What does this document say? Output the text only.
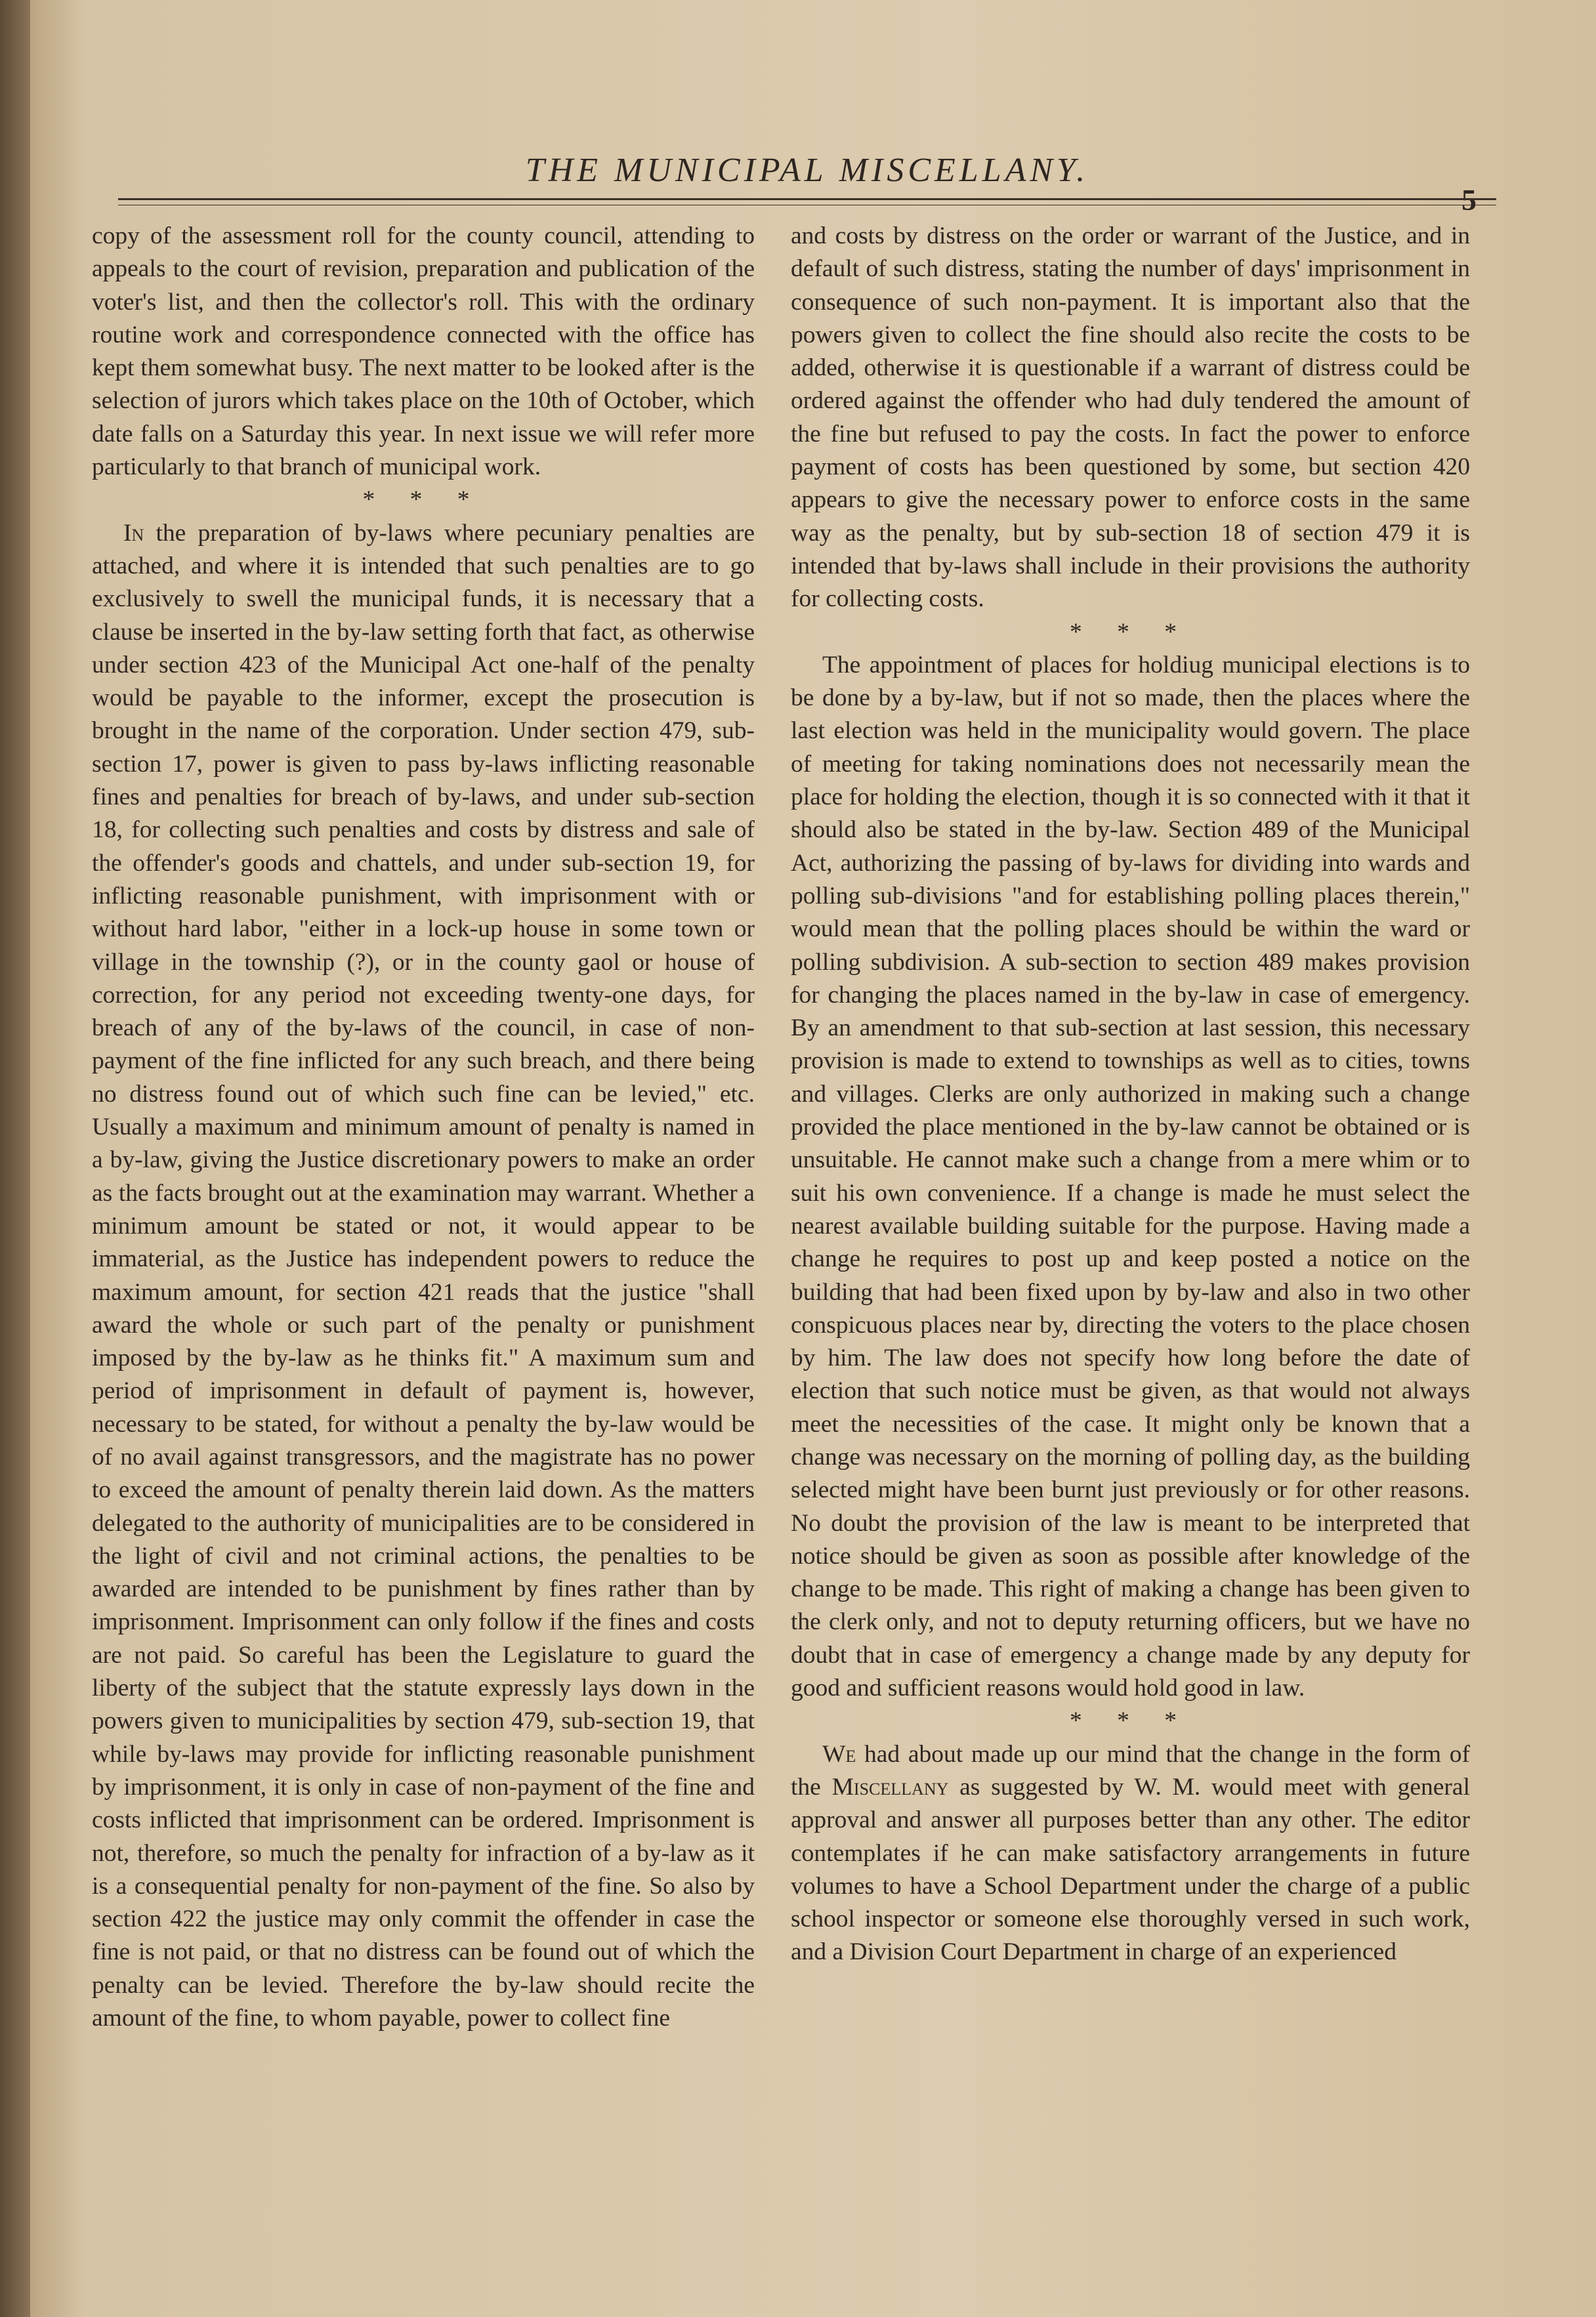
THE MUNICIPAL MISCELLANY.
5

copy of the assessment roll for the county council, attending to appeals to the court of revision, preparation and publication of the voter's list, and then the collector's roll. This with the ordinary routine work and correspondence connected with the office has kept them somewhat busy. The next matter to be looked after is the selection of jurors which takes place on the 10th of October, which date falls on a Saturday this year. In next issue we will refer more particularly to that branch of municipal work.

* * *

In the preparation of by-laws where pecuniary penalties are attached, and where it is intended that such penalties are to go exclusively to swell the municipal funds, it is necessary that a clause be inserted in the by-law setting forth that fact, as otherwise under section 423 of the Municipal Act one-half of the penalty would be payable to the informer, except the prosecution is brought in the name of the corporation. Under section 479, sub-section 17, power is given to pass by-laws inflicting reasonable fines and penalties for breach of by-laws, and under sub-section 18, for collecting such penalties and costs by distress and sale of the offender's goods and chattels, and under sub-section 19, for inflicting reasonable punishment, with imprisonment with or without hard labor, "either in a lock-up house in some town or village in the township (?), or in the county gaol or house of correction, for any period not exceeding twenty-one days, for breach of any of the by-laws of the council, in case of non-payment of the fine inflicted for any such breach, and there being no distress found out of which such fine can be levied," etc. Usually a maximum and minimum amount of penalty is named in a by-law, giving the Justice discretionary powers to make an order as the facts brought out at the examination may warrant. Whether a minimum amount be stated or not, it would appear to be immaterial, as the Justice has independent powers to reduce the maximum amount, for section 421 reads that the justice "shall award the whole or such part of the penalty or punishment imposed by the by-law as he thinks fit." A maximum sum and period of imprisonment in default of payment is, however, necessary to be stated, for without a penalty the by-law would be of no avail against transgressors, and the magistrate has no power to exceed the amount of penalty therein laid down. As the matters delegated to the authority of municipalities are to be considered in the light of civil and not criminal actions, the penalties to be awarded are intended to be punishment by fines rather than by imprisonment. Imprisonment can only follow if the fines and costs are not paid. So careful has been the Legislature to guard the liberty of the subject that the statute expressly lays down in the powers given to municipalities by section 479, sub-section 19, that while by-laws may provide for inflicting reasonable punishment by imprisonment, it is only in case of non-payment of the fine and costs inflicted that imprisonment can be ordered. Imprisonment is not, therefore, so much the penalty for infraction of a by-law as it is a consequential penalty for non-payment of the fine. So also by section 422 the justice may only commit the offender in case the fine is not paid, or that no distress can be found out of which the penalty can be levied. Therefore the by-law should recite the amount of the fine, to whom payable, power to collect fine

and costs by distress on the order or warrant of the Justice, and in default of such distress, stating the number of days' imprisonment in consequence of such non-payment. It is important also that the powers given to collect the fine should also recite the costs to be added, otherwise it is questionable if a warrant of distress could be ordered against the offender who had duly tendered the amount of the fine but refused to pay the costs. In fact the power to enforce payment of costs has been questioned by some, but section 420 appears to give the necessary power to enforce costs in the same way as the penalty, but by sub-section 18 of section 479 it is intended that by-laws shall include in their provisions the authority for collecting costs.

* * *

The appointment of places for holdiug municipal elections is to be done by a by-law, but if not so made, then the places where the last election was held in the municipality would govern. The place of meeting for taking nominations does not necessarily mean the place for holding the election, though it is so connected with it that it should also be stated in the by-law. Section 489 of the Municipal Act, authorizing the passing of by-laws for dividing into wards and polling sub-divisions "and for establishing polling places therein," would mean that the polling places should be within the ward or polling subdivision. A sub-section to section 489 makes provision for changing the places named in the by-law in case of emergency. By an amendment to that sub-section at last session, this necessary provision is made to extend to townships as well as to cities, towns and villages. Clerks are only authorized in making such a change provided the place mentioned in the by-law cannot be obtained or is unsuitable. He cannot make such a change from a mere whim or to suit his own convenience. If a change is made he must select the nearest available building suitable for the purpose. Having made a change he requires to post up and keep posted a notice on the building that had been fixed upon by by-law and also in two other conspicuous places near by, directing the voters to the place chosen by him. The law does not specify how long before the date of election that such notice must be given, as that would not always meet the necessities of the case. It might only be known that a change was necessary on the morning of polling day, as the building selected might have been burnt just previously or for other reasons. No doubt the provision of the law is meant to be interpreted that notice should be given as soon as possible after knowledge of the change to be made. This right of making a change has been given to the clerk only, and not to deputy returning officers, but we have no doubt that in case of emergency a change made by any deputy for good and sufficient reasons would hold good in law.

* * *

We had about made up our mind that the change in the form of the Miscellany as suggested by W. M. would meet with general approval and answer all purposes better than any other. The editor contemplates if he can make satisfactory arrangements in future volumes to have a School Department under the charge of a public school inspector or someone else thoroughly versed in such work, and a Division Court Department in charge of an experienced
